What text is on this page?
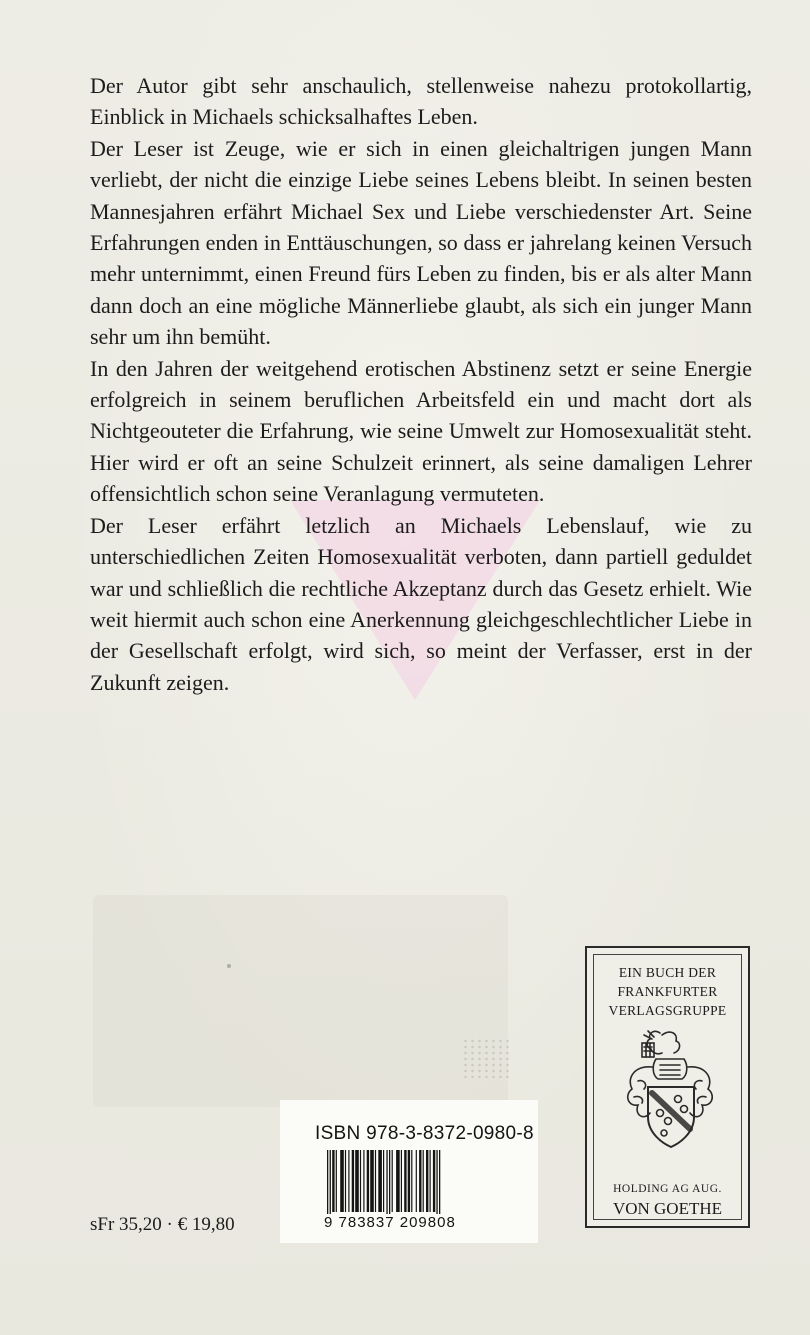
Der Autor gibt sehr anschaulich, stellenweise nahezu protokollartig, Einblick in Michaels schicksalhaftes Leben.

Der Leser ist Zeuge, wie er sich in einen gleichaltrigen jungen Mann verliebt, der nicht die einzige Liebe seines Lebens bleibt. In seinen besten Mannesjahren erfährt Michael Sex und Liebe verschiedenster Art. Seine Erfahrungen enden in Enttäuschungen, so dass er jahrelang keinen Versuch mehr unternimmt, einen Freund fürs Leben zu finden, bis er als alter Mann dann doch an eine mögliche Männerliebe glaubt, als sich ein junger Mann sehr um ihn bemüht.

In den Jahren der weitgehend erotischen Abstinenz setzt er seine Energie erfolgreich in seinem beruflichen Arbeitsfeld ein und macht dort als Nichtgeouteter die Erfahrung, wie seine Umwelt zur Homosexualität steht. Hier wird er oft an seine Schulzeit erinnert, als seine damaligen Lehrer offensichtlich schon seine Veranlagung vermuteten.

Der Leser erfährt letzlich an Michaels Lebenslauf, wie zu unterschiedlichen Zeiten Homosexualität verboten, dann partiell geduldet war und schließlich die rechtliche Akzeptanz durch das Gesetz erhielt. Wie weit hiermit auch schon eine Anerkennung gleichgeschlechtlicher Liebe in der Gesellschaft erfolgt, wird sich, so meint der Verfasser, erst in der Zukunft zeigen.

ISBN 978-3-8372-0980-8
9 783837 209808
sFr 35,20 · € 19,80
EIN BUCH DER
FRANKFURTER
VERLAGSGRUPPE
HOLDING AG AUG.
VON GOETHE
